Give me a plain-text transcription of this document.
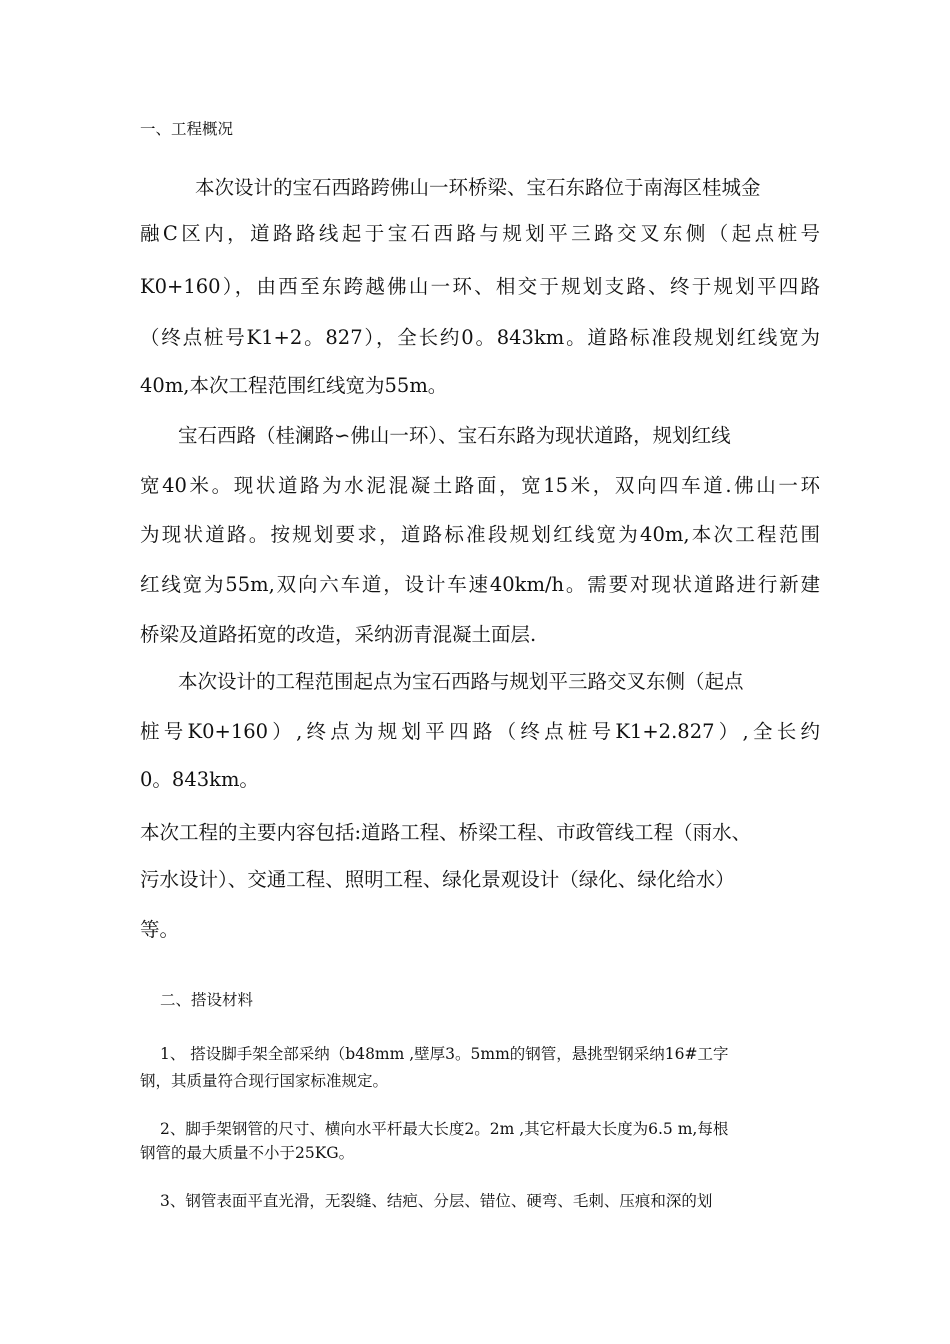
一、工程概况
本次设计的宝石西路跨佛山一环桥梁、宝石东路位于南海区桂城金
融C区内，道路路线起于宝石西路与规划平三路交叉东侧（起点桩号
K0+160），由西至东跨越佛山一环、相交于规划支路、终于规划平四路
（终点桩号K1+2。827），全长约0。843km。道路标准段规划红线宽为
40m,本次工程范围红线宽为55m。
宝石西路（桂澜路∽佛山一环）、宝石东路为现状道路，规划红线
宽40米。现状道路为水泥混凝土路面，宽15米，双向四车道.佛山一环
为现状道路。按规划要求，道路标准段规划红线宽为40m,本次工程范围
红线宽为55m,双向六车道，设计车速40km/h。需要对现状道路进行新建
桥梁及道路拓宽的改造，采纳沥青混凝土面层.
本次设计的工程范围起点为宝石西路与规划平三路交叉东侧（起点
桩号K0+160）,终点为规划平四路（终点桩号K1+2.827）,全长约
0。843km。
本次工程的主要内容包括:道路工程、桥梁工程、市政管线工程（雨水、
污水设计）、交通工程、照明工程、绿化景观设计（绿化、绿化给水）
等。
二、搭设材料
1、 搭设脚手架全部采纳（b48mm ,壁厚3。5mm的钢管，悬挑型钢采纳16#工字
钢，其质量符合现行国家标准规定。
2、脚手架钢管的尺寸、横向水平杆最大长度2。2m ,其它杆最大长度为6.5 m,每根
钢管的最大质量不小于25KG。
3、钢管表面平直光滑，无裂缝、结疤、分层、错位、硬弯、毛刺、压痕和深的划
